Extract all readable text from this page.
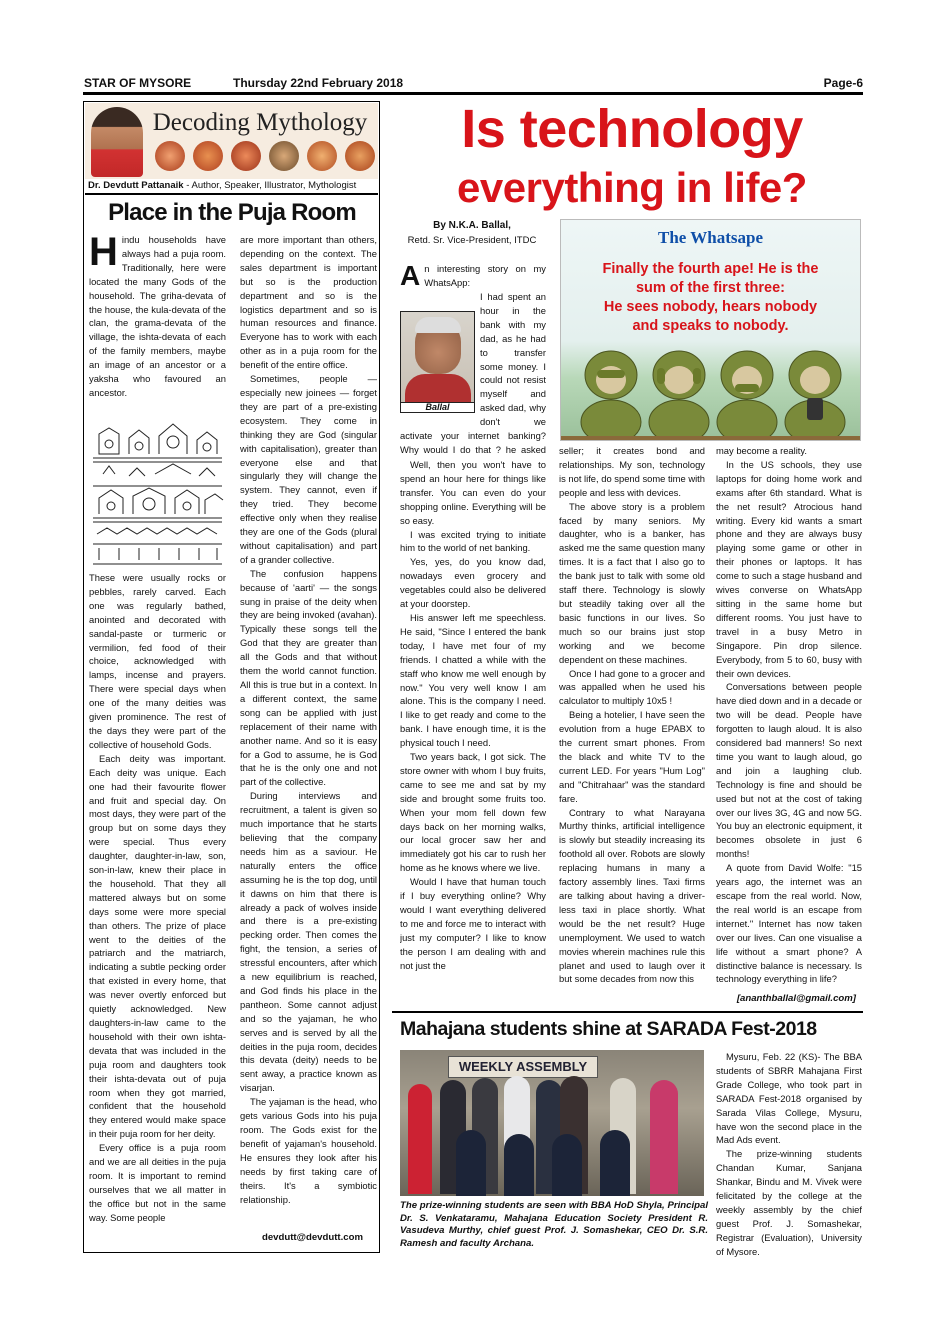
STAR OF MYSORE	Thursday 22nd February 2018	Page-6
Decoding Mythology
Dr. Devdutt Pattanaik - Author, Speaker, Illustrator, Mythologist
Place in the Puja Room

Hindu households have always had a puja room. Traditionally, here were located the many Gods of the household. The griha-devata of the house, the kula-devata of the clan, the grama-devata of the village, the ishta-devata of each of the family members, maybe an image of an ancestor or a yaksha who favoured an ancestor.

These were usually rocks or pebbles, rarely carved. Each one was regularly bathed, anointed and decorated with sandal-paste or turmeric or vermilion, fed food of their choice, acknowledged with lamps, incense and prayers. There were special days when one of the many deities was given prominence. The rest of the days they were part of the collective of household Gods.

Each deity was important. Each deity was unique. Each one had their favourite flower and fruit and special day. On most days, they were part of the group but on some days they were special. Thus every daughter, daughter-in-law, son, son-in-law, knew their place in the household. That they all mattered always but on some days some were more special than others. The prize of place went to the deities of the patriarch and the matriarch, indicating a subtle pecking order that existed in every home, that was never overtly enforced but quietly acknowledged. New daughters-in-law came to the household with their own ishta-devata that was included in the puja room and daughters took their ishta-devata out of puja room when they got married, confident that the household they entered would make space in their puja room for her deity.

Every office is a puja room and we are all deities in the puja room. It is important to remind ourselves that we all matter in the office but not in the same way. Some people

are more important than others, depending on the context. The sales department is important but so is the production department and so is the logistics department and so is human resources and finance. Everyone has to work with each other as in a puja room for the benefit of the entire office.

Sometimes, people — especially new joinees — forget they are part of a pre-existing ecosystem. They come in thinking they are God (singular with capitalisation), greater than everyone else and that singularly they will change the system. They cannot, even if they tried. They become effective only when they realise they are one of the Gods (plural without capitalisation) and part of a grander collective.

The confusion happens because of 'aarti' — the songs sung in praise of the deity when they are being invoked (avahan). Typically these songs tell the God that they are greater than all the Gods and that without them the world cannot function. All this is true but in a context. In a different context, the same song can be applied with just replacement of their name with another name. And so it is easy for a God to assume, he is God that he is the only one and not part of the collective.

During interviews and recruitment, a talent is given so much importance that he starts believing that the company needs him as a saviour. He naturally enters the office assuming he is the top dog, until it dawns on him that there is already a pack of wolves inside and there is a pre-existing pecking order. Then comes the fight, the tension, a series of stressful encounters, after which a new equilibrium is reached, and God finds his place in the pantheon. Some cannot adjust and so the yajaman, he who serves and is served by all the deities in the puja room, decides this devata (deity) needs to be sent away, a practice known as visarjan.

The yajaman is the head, who gets various Gods into his puja room. The Gods exist for the benefit of yajaman's household. He ensures they look after his needs by first taking care of theirs. It's a symbiotic relationship.

devdutt@devdutt.com
Is technology
everything in life?
By N.K.A. Ballal,
Retd. Sr. Vice-President, ITDC	The Whatsape
Finally the fourth ape! He is the
sum of the first three:
He sees nobody, hears nobody
and speaks to nobody.
Ballal

An interesting story on my WhatsApp:

I had spent an hour in the bank with my dad, as he had to transfer some money. I could not resist myself and asked dad, why don't we activate your internet banking? Why would I do that ? he asked

Well, then you won't have to spend an hour here for things like transfer. You can even do your shopping online. Everything will be so easy.

I was excited trying to initiate him to the world of net banking.

Yes, yes, do you know dad, nowadays even grocery and vegetables could also be delivered at your doorstep.

His answer left me speechless. He said, "Since I entered the bank today, I have met four of my friends. I chatted a while with the staff who know me well enough by now." You very well know I am alone. This is the company I need. I like to get ready and come to the bank. I have enough time, it is the physical touch I need.

Two years back, I got sick. The store owner with whom I buy fruits, came to see me and sat by my side and brought some fruits too. When your mom fell down few days back on her morning walks, our local grocer saw her and immediately got his car to rush her home as he knows where we live.

Would I have that human touch if I buy everything online? Why would I want everything delivered to me and force me to interact with just my computer? I like to know the person I am dealing with and not just the

seller; it creates bond and relationships. My son, technology is not life, do spend some time with people and less with devices.

The above story is a problem faced by many seniors. My daughter, who is a banker, has asked me the same question many times. It is a fact that I also go to the bank just to talk with some old staff there. Technology is slowly but steadily taking over all the basic functions in our lives. So much so our brains just stop working and we become dependent on these machines.

Once I had gone to a grocer and was appalled when he used his calculator to multiply 10x5 !

Being a hotelier, I have seen the evolution from a huge EPABX to the current smart phones. From the black and white TV to the current LED. For years "Hum Log" and "Chitrahaar" was the standard fare.

Contrary to what Narayana Murthy thinks, artificial intelligence is slowly but steadily increasing its foothold all over. Robots are slowly replacing humans in many a factory assembly lines. Taxi firms are talking about having a driver-less taxi in place shortly. What would be the net result? Huge unemployment. We used to watch movies wherein machines rule this planet and used to laugh over it but some decades from now this

may become a reality.

In the US schools, they use laptops for doing home work and exams after 6th standard. What is the net result? Atrocious hand writing. Every kid wants a smart phone and they are always busy playing some game or other in their phones or laptops. It has come to such a stage husband and wives converse on WhatsApp sitting in the same home but different rooms. You just have to travel in a busy Metro in Singapore. Pin drop silence. Everybody, from 5 to 60, busy with their own devices.

Conversations between people have died down and in a decade or two will be dead. People have forgotten to laugh aloud. It is also considered bad manners! So next time you want to laugh aloud, go and join a laughing club. Technology is fine and should be used but not at the cost of taking over our lives 3G, 4G and now 5G. You buy an electronic equipment, it becomes obsolete in just 6 months!

A quote from David Wolfe: "15 years ago, the internet was an escape from the real world. Now, the real world is an escape from internet." Internet has now taken over our lives. Can one visualise a life without a smart phone? A distinctive balance is necessary. Is technology everything in life?

[ananthballal@gmail.com]
Mahajana students shine at SARADA Fest-2018
WEEKLY ASSEMBLY
The prize-winning students are seen with BBA HoD Shyla, Principal Dr. S. Venkataramu, Mahajana Education Society President R. Vasudeva Murthy, chief guest Prof. J. Somashekar, CEO Dr. S.R. Ramesh and faculty Archana.

Mysuru, Feb. 22 (KS)- The BBA students of SBRR Mahajana First Grade College, who took part in SARADA Fest-2018 organised by Sarada Vilas College, Mysuru, have won the second place in the Mad Ads event.

The prize-winning students Chandan Kumar, Sanjana Shankar, Bindu and M. Vivek were felicitated by the college at the weekly assembly by the chief guest Prof. J. Somashekar, Registrar (Evaluation), University of Mysore.
